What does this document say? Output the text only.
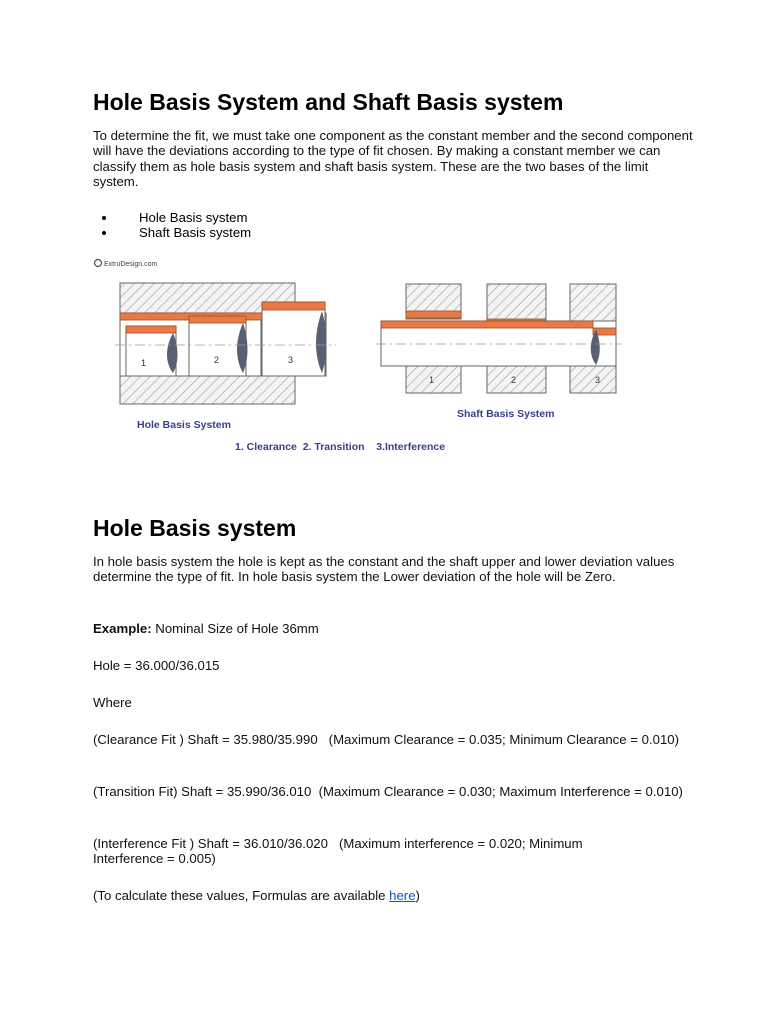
Hole Basis System and Shaft Basis system

To determine the fit, we must take one component as the constant member and the second component will have the deviations according to the type of fit chosen. By making a constant member we can classify them as hole basis system and shaft basis system. These are the two bases of the limit system.

Hole Basis system
Shaft Basis system
ExtruDesign.com
1	2	3
1	2	3
Hole Basis System
Shaft Basis System
1. Clearance  2. Transition    3.Interference
Hole Basis system

In hole basis system the hole is kept as the constant and the shaft upper and lower deviation values determine the type of fit. In hole basis system the Lower deviation of the hole will be Zero.

Example: Nominal Size of Hole 36mm

Hole = 36.000/36.015

Where

(Clearance Fit ) Shaft = 35.980/35.990   (Maximum Clearance = 0.035; Minimum Clearance = 0.010)

(Transition Fit) Shaft = 35.990/36.010  (Maximum Clearance = 0.030; Maximum Interference = 0.010)

(Interference Fit ) Shaft = 36.010/36.020   (Maximum interference = 0.020; Minimum Interference = 0.005)

(To calculate these values, Formulas are available here)
